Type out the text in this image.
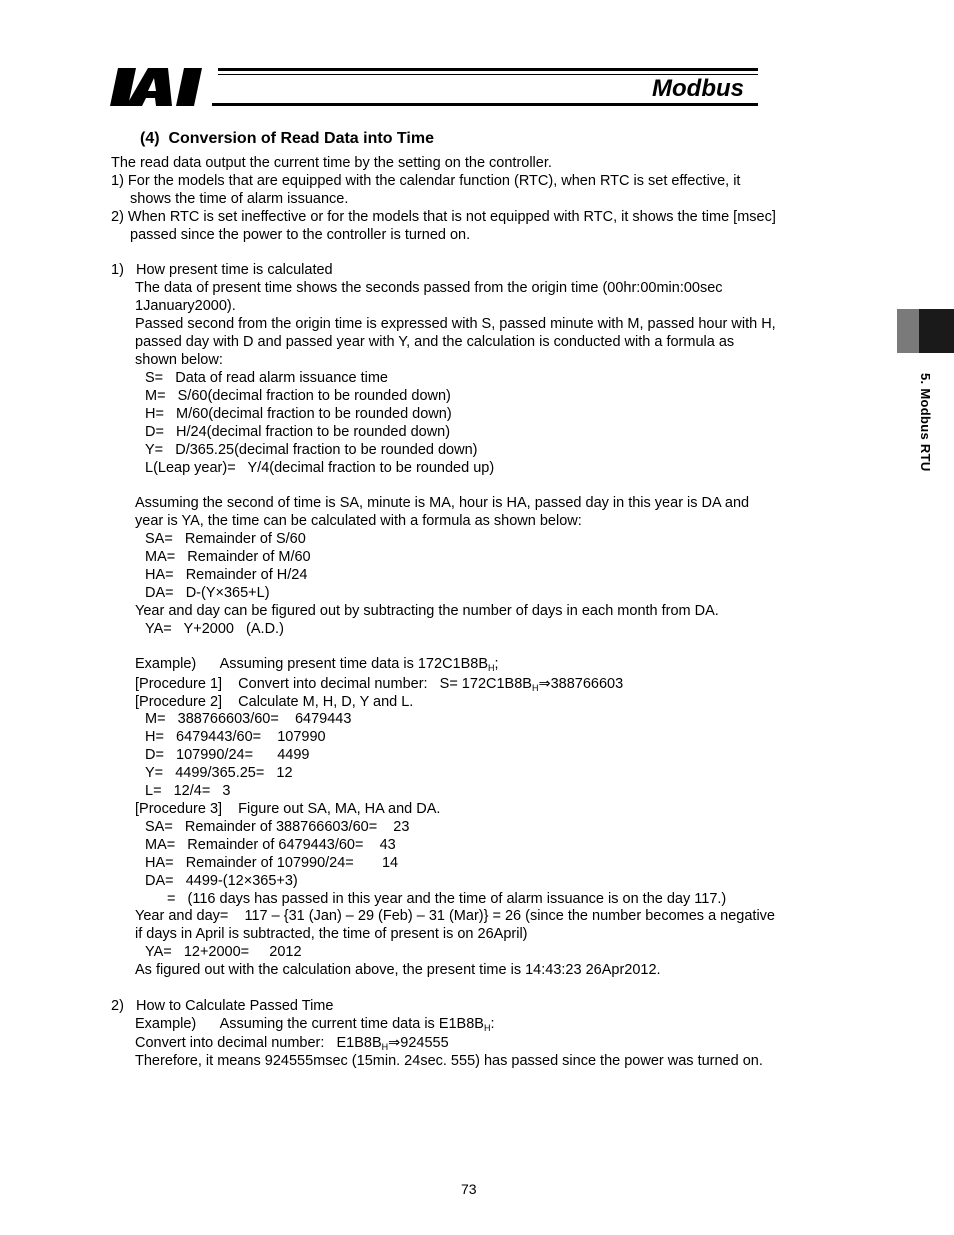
Modbus
5. Modbus RTU
(4)  Conversion of Read Data into Time
The read data output the current time by the setting on the controller.
1) For the models that are equipped with the calendar function (RTC), when RTC is set effective, it
shows the time of alarm issuance.
2) When RTC is set ineffective or for the models that is not equipped with RTC, it shows the time [msec]
passed since the power to the controller is turned on.
1)   How present time is calculated
The data of present time shows the seconds passed from the origin time (00hr:00min:00sec
1January2000).
Passed second from the origin time is expressed with S, passed minute with M, passed hour with H,
passed day with D and passed year with Y, and the calculation is conducted with a formula as
shown below:
S=   Data of read alarm issuance time
M=   S/60(decimal fraction to be rounded down)
H=   M/60(decimal fraction to be rounded down)
D=   H/24(decimal fraction to be rounded down)
Y=   D/365.25(decimal fraction to be rounded down)
L(Leap year)=   Y/4(decimal fraction to be rounded up)
Assuming the second of time is SA, minute is MA, hour is HA, passed day in this year is DA and
year is YA, the time can be calculated with a formula as shown below:
SA=   Remainder of S/60
MA=   Remainder of M/60
HA=   Remainder of H/24
DA=   D-(Y×365+L)
Year and day can be figured out by subtracting the number of days in each month from DA.
YA=   Y+2000   (A.D.)
Example)      Assuming present time data is $172C1B8B_H$;
[Procedure 1]    Convert into decimal number:   $S= 172C1B8B_H\Rightarrow 388766603$
[Procedure 2]    Calculate M, H, D, Y and L.
M=   388766603/60=    6479443
H=   6479443/60=    107990
D=   107990/24=      4499
Y=   4499/365.25=   12
L=   12/4=   3
[Procedure 3]    Figure out SA, MA, HA and DA.
SA=   Remainder of 388766603/60=    23
MA=   Remainder of 6479443/60=    43
HA=   Remainder of 107990/24=       14
DA=   4499-(12×365+3)
=   (116 days has passed in this year and the time of alarm issuance is on the day 117.)
Year and day=    117 – {31 (Jan) – 29 (Feb) – 31 (Mar)} = 26 (since the number becomes a negative
if days in April is subtracted, the time of present is on 26April)
YA=   12+2000=     2012
As figured out with the calculation above, the present time is 14:43:23 26Apr2012.
2)   How to Calculate Passed Time
Example)      Assuming the current time data is $E1B8B_H$:
Convert into decimal number:   $E1B8B_H\Rightarrow 924555$
Therefore, it means 924555msec (15min. 24sec. 555) has passed since the power was turned on.
73
